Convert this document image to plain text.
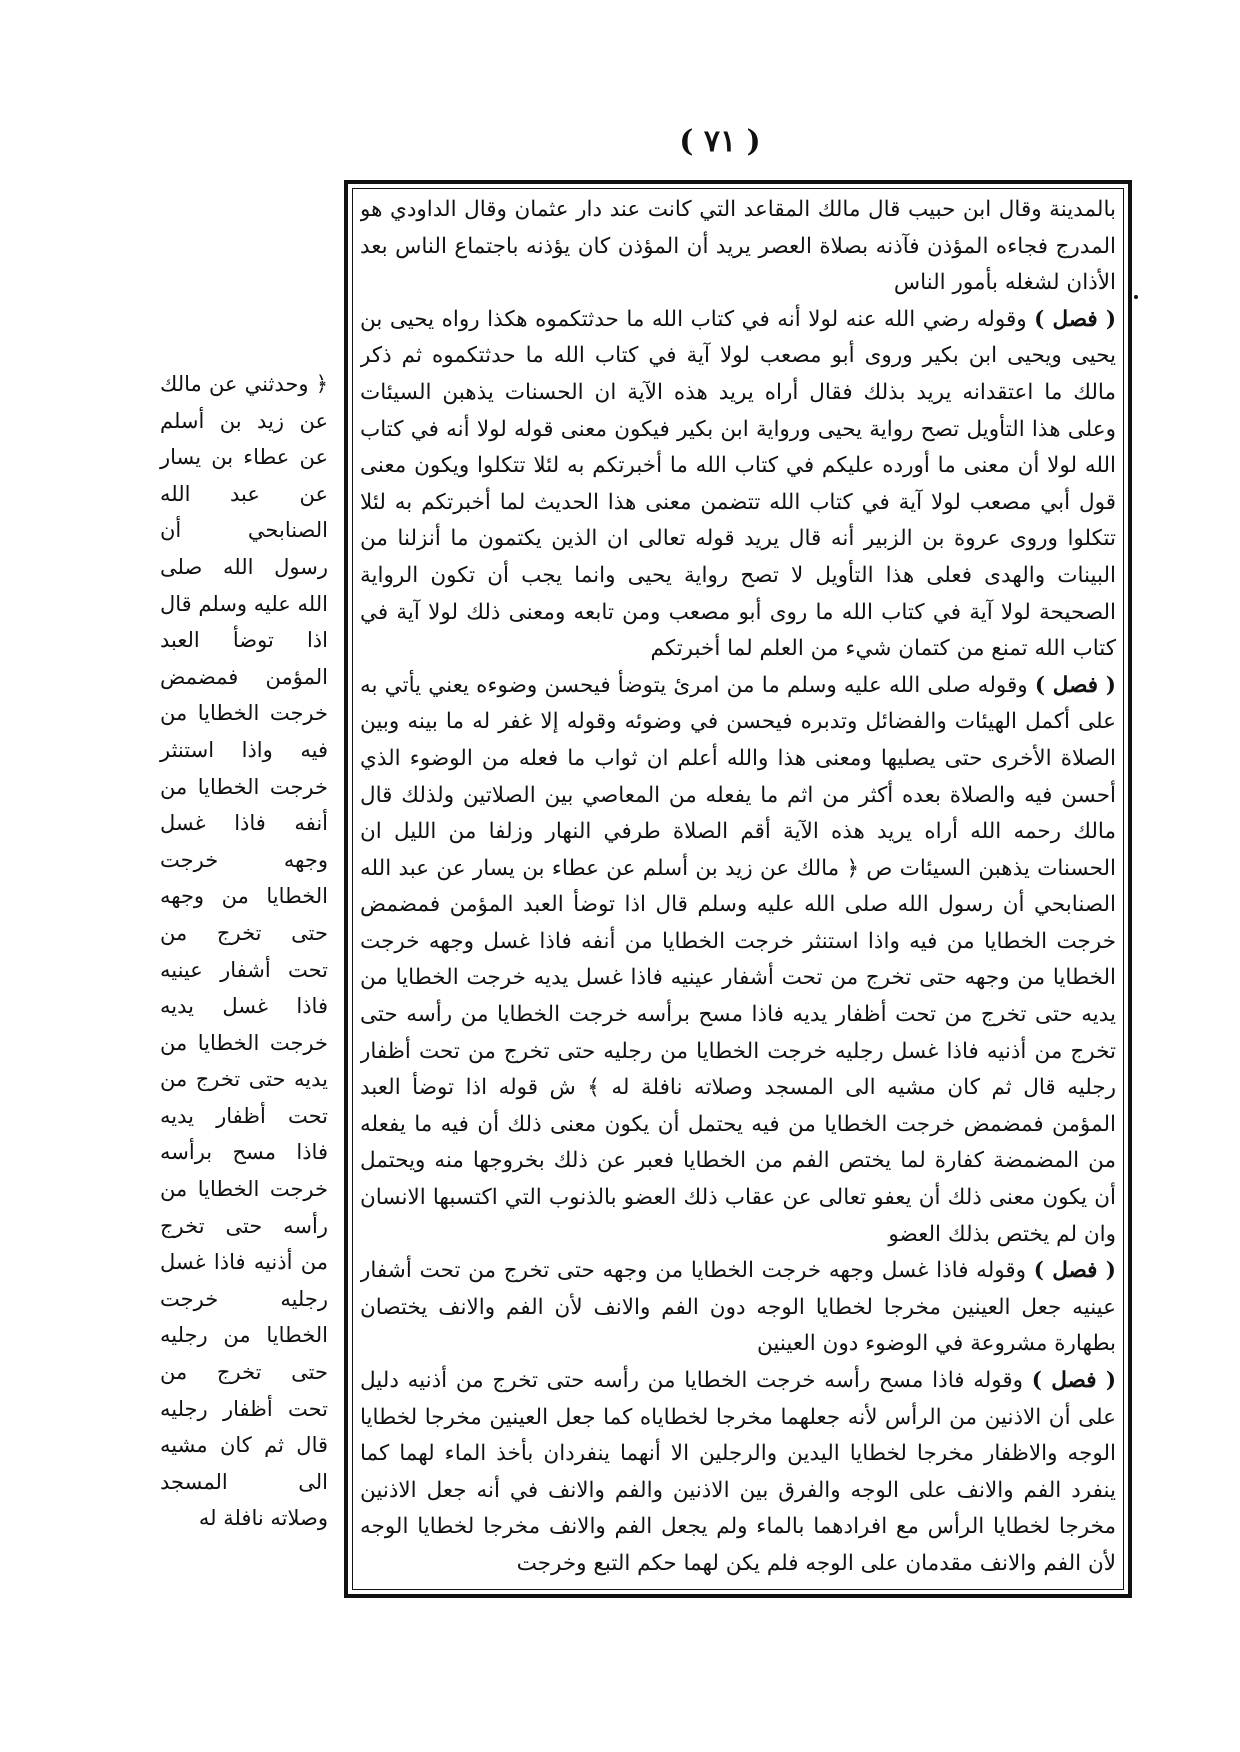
( ٧١ )

بالمدينة وقال ابن حبيب قال مالك المقاعد التي كانت عند دار عثمان وقال الداودي هو المدرج فجاءه المؤذن فآذنه بصلاة العصر يريد أن المؤذن كان يؤذنه باجتماع الناس بعد الأذان لشغله بأمور الناس

( فصل ) وقوله رضي الله عنه لولا أنه في كتاب الله ما حدثتكموه هكذا رواه يحيى بن يحيى ويحيى ابن بكير وروى أبو مصعب لولا آية في كتاب الله ما حدثتكموه ثم ذكر مالك ما اعتقدانه يريد بذلك فقال أراه يريد هذه الآية ان الحسنات يذهبن السيئات وعلى هذا التأويل تصح رواية يحيى ورواية ابن بكير فيكون معنى قوله لولا أنه في كتاب الله لولا أن معنى ما أورده عليكم في كتاب الله ما أخبرتكم به لئلا تتكلوا ويكون معنى قول أبي مصعب لولا آية في كتاب الله تتضمن معنى هذا الحديث لما أخبرتكم به لئلا تتكلوا وروى عروة بن الزبير أنه قال يريد قوله تعالى ان الذين يكتمون ما أنزلنا من البينات والهدى فعلى هذا التأويل لا تصح رواية يحيى وانما يجب أن تكون الرواية الصحيحة لولا آية في كتاب الله ما روى أبو مصعب ومن تابعه ومعنى ذلك لولا آية في كتاب الله تمنع من كتمان شيء من العلم لما أخبرتكم

( فصل ) وقوله صلى الله عليه وسلم ما من امرئ يتوضأ فيحسن وضوءه يعني يأتي به على أكمل الهيئات والفضائل وتدبره فيحسن في وضوئه وقوله إلا غفر له ما بينه وبين الصلاة الأخرى حتى يصليها ومعنى هذا والله أعلم ان ثواب ما فعله من الوضوء الذي أحسن فيه والصلاة بعده أكثر من اثم ما يفعله من المعاصي بين الصلاتين ولذلك قال مالك رحمه الله أراه يريد هذه الآية أقم الصلاة طرفي النهار وزلفا من الليل ان الحسنات يذهبن السيئات ص ﴿ مالك عن زيد بن أسلم عن عطاء بن يسار عن عبد الله الصنابحي أن رسول الله صلى الله عليه وسلم قال اذا توضأ العبد المؤمن فمضمض خرجت الخطايا من فيه واذا استنثر خرجت الخطايا من أنفه فاذا غسل وجهه خرجت الخطايا من وجهه حتى تخرج من تحت أشفار عينيه فاذا غسل يديه خرجت الخطايا من يديه حتى تخرج من تحت أظفار يديه فاذا مسح برأسه خرجت الخطايا من رأسه حتى تخرج من أذنيه فاذا غسل رجليه خرجت الخطايا من رجليه حتى تخرج من تحت أظفار رجليه قال ثم كان مشيه الى المسجد وصلاته نافلة له ﴾ ش قوله اذا توضأ العبد المؤمن فمضمض خرجت الخطايا من فيه يحتمل أن يكون معنى ذلك أن فيه ما يفعله من المضمضة كفارة لما يختص الفم من الخطايا فعبر عن ذلك بخروجها منه ويحتمل أن يكون معنى ذلك أن يعفو تعالى عن عقاب ذلك العضو بالذنوب التي اكتسبها الانسان وان لم يختص بذلك العضو

( فصل ) وقوله فاذا غسل وجهه خرجت الخطايا من وجهه حتى تخرج من تحت أشفار عينيه جعل العينين مخرجا لخطايا الوجه دون الفم والانف لأن الفم والانف يختصان بطهارة مشروعة في الوضوء دون العينين

( فصل ) وقوله فاذا مسح رأسه خرجت الخطايا من رأسه حتى تخرج من أذنيه دليل على أن الاذنين من الرأس لأنه جعلهما مخرجا لخطاياه كما جعل العينين مخرجا لخطايا الوجه والاظفار مخرجا لخطايا اليدين والرجلين الا أنهما ينفردان بأخذ الماء لهما كما ينفرد الفم والانف على الوجه والفرق بين الاذنين والفم والانف في أنه جعل الاذنين مخرجا لخطايا الرأس مع افرادهما بالماء ولم يجعل الفم والانف مخرجا لخطايا الوجه لأن الفم والانف مقدمان على الوجه فلم يكن لهما حكم التبع وخرجت

﴿ وحدثني عن مالك عن زيد بن أسلم عن عطاء بن يسار عن عبد الله الصنابحي أن رسول الله صلى الله عليه وسلم قال اذا توضأ العبد المؤمن فمضمض خرجت الخطايا من فيه واذا استنثر خرجت الخطايا من أنفه فاذا غسل وجهه خرجت الخطايا من وجهه حتى تخرج من تحت أشفار عينيه فاذا غسل يديه خرجت الخطايا من يديه حتى تخرج من تحت أظفار يديه فاذا مسح برأسه خرجت الخطايا من رأسه حتى تخرج من أذنيه فاذا غسل رجليه خرجت الخطايا من رجليه حتى تخرج من تحت أظفار رجليه قال ثم كان مشيه الى المسجد وصلاته نافلة له
